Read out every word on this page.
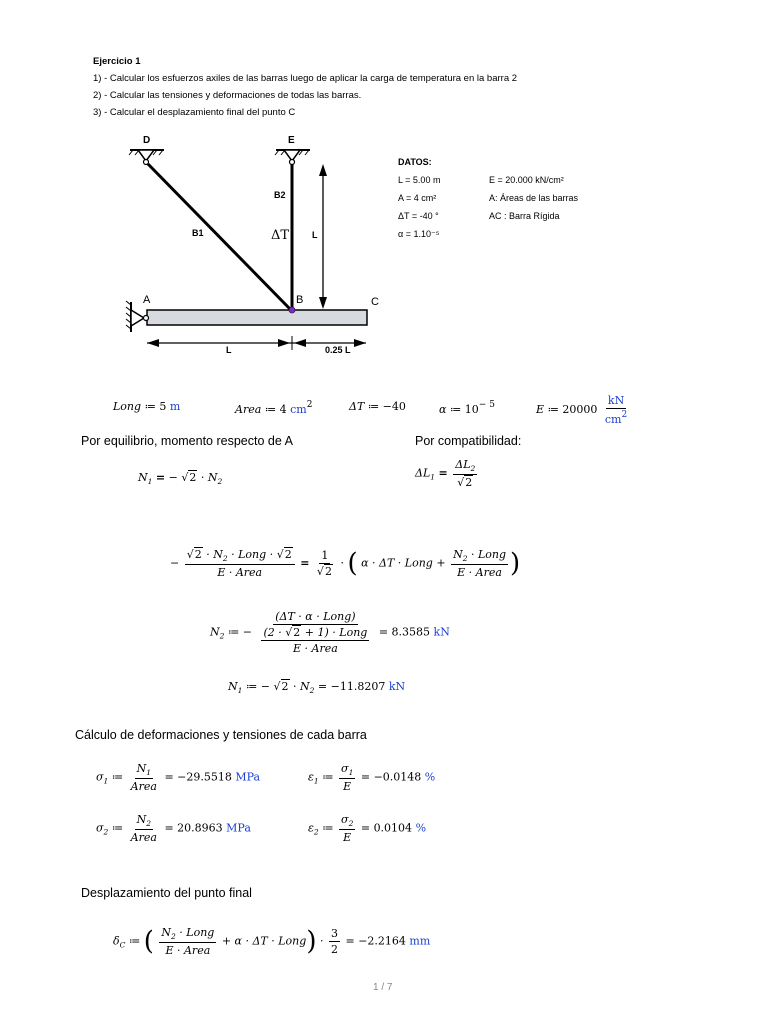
Ejercicio 1
1) - Calcular los esfuerzos axiles de las barras luego de aplicar la carga de temperatura en la barra 2
2) - Calcular las tensiones y deformaciones de todas las barras.
3) - Calcular el desplazamiento final del punto C
D	E
A	B	C
B1
B2
ΔT	L
L	0.25 L
DATOS:
L = 5.00 m
A = 4 cm²
ΔT = -40 °
α = 1.10⁻⁵
E = 20.000 kN/cm²
A: Áreas de las barras
AC : Barra Rígida
Long ≔ 5 m	Area ≔ 4 $cm^2$	ΔT ≔ −40	α ≔ $10^{- 5}$	E ≔ $20000 \frac{kN}{cm^2}$
Por equilibrio, momento respecto de A	Por compatibilidad:
$N_1$ = − $√2 \cdot N_2$
$\Delta L_1 = \frac{\Delta L_2}{√2}$
− $\frac{√2 \cdot N_2 \cdot Long \cdot √2}{\text{E · Area}} = \frac{1}{√2}$ · ( α · ΔT · Long + $\frac{N_2 \cdot Long}{\text{E · Area}}$ )
$N_2$ ≔ − $\frac{\text{(ΔT · α · Long)}}{\frac{\text{(2 · √2 + 1) · Long}}{\text{E · Area}}} = 8.3585$ kN
$N_1$ ≔ − $√2 \cdot N_2 = -11.8207$ kN
Cálculo de deformaciones y tensiones de cada barra
$\sigma_1$ ≔ $\frac{N_1}{\text{Area}} = -29.5518$ MPa	$\varepsilon_1$ ≔ $\frac{\sigma_1}{E} = -0.0148$ %
$\sigma_2$ ≔ $\frac{N_2}{\text{Area}} = 20.8963$ MPa	$\varepsilon_2$ ≔ $\frac{\sigma_2}{E} = 0.0104$ %
Desplazamiento del punto final
$\delta_C$ ≔ ( $\frac{N_2 \cdot Long}{\text{E · Area}} + \alpha \cdot \Delta T$ · Long) · $\frac{3}{2} = -2.2164$ mm
1 / 7
